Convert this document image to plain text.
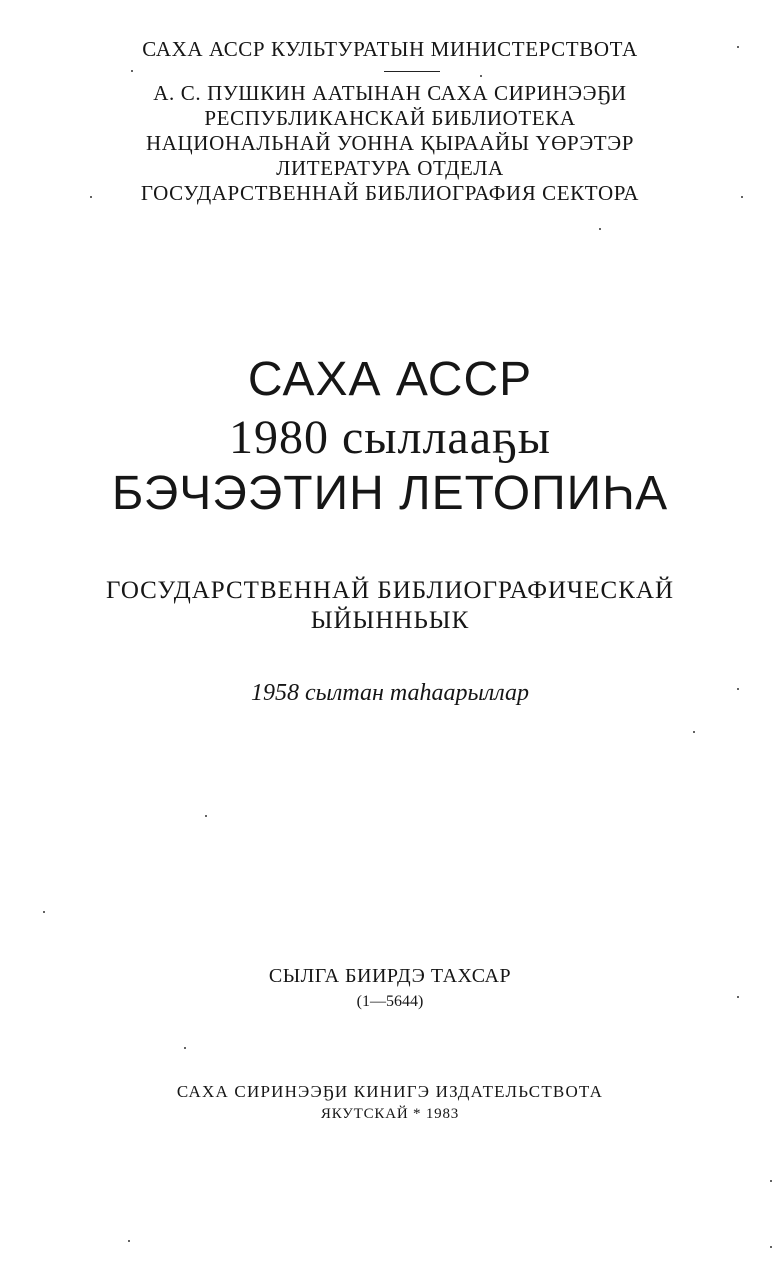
САХА АССР КУЛЬТУРАТЫН МИНИСТЕРСТВОТА
А. С. ПУШКИН ААТЫНАН САХА СИРИНЭЭҔИ
РЕСПУБЛИКАНСКАЙ БИБЛИОТЕКА
НАЦИОНАЛЬНАЙ УОННА ҚЫРААЙЫ ҮӨРЭТЭР
ЛИТЕРАТУРА ОТДЕЛА
ГОСУДАРСТВЕННАЙ БИБЛИОГРАФИЯ СЕКТОРА
САХА АССР
1980 сыллааҕы
БЭЧЭЭТИН ЛЕТОПИҺА
ГОСУДАРСТВЕННАЙ БИБЛИОГРАФИЧЕСКАЙ
ЫЙЫННЬЫК
1958 сылтан таһаарыллар
СЫЛГА БИИРДЭ ТАХСАР
(1—5644)
САХА СИРИНЭЭҔИ КИНИГЭ ИЗДАТЕЛЬСТВОТА
ЯКУТСКАЙ * 1983
